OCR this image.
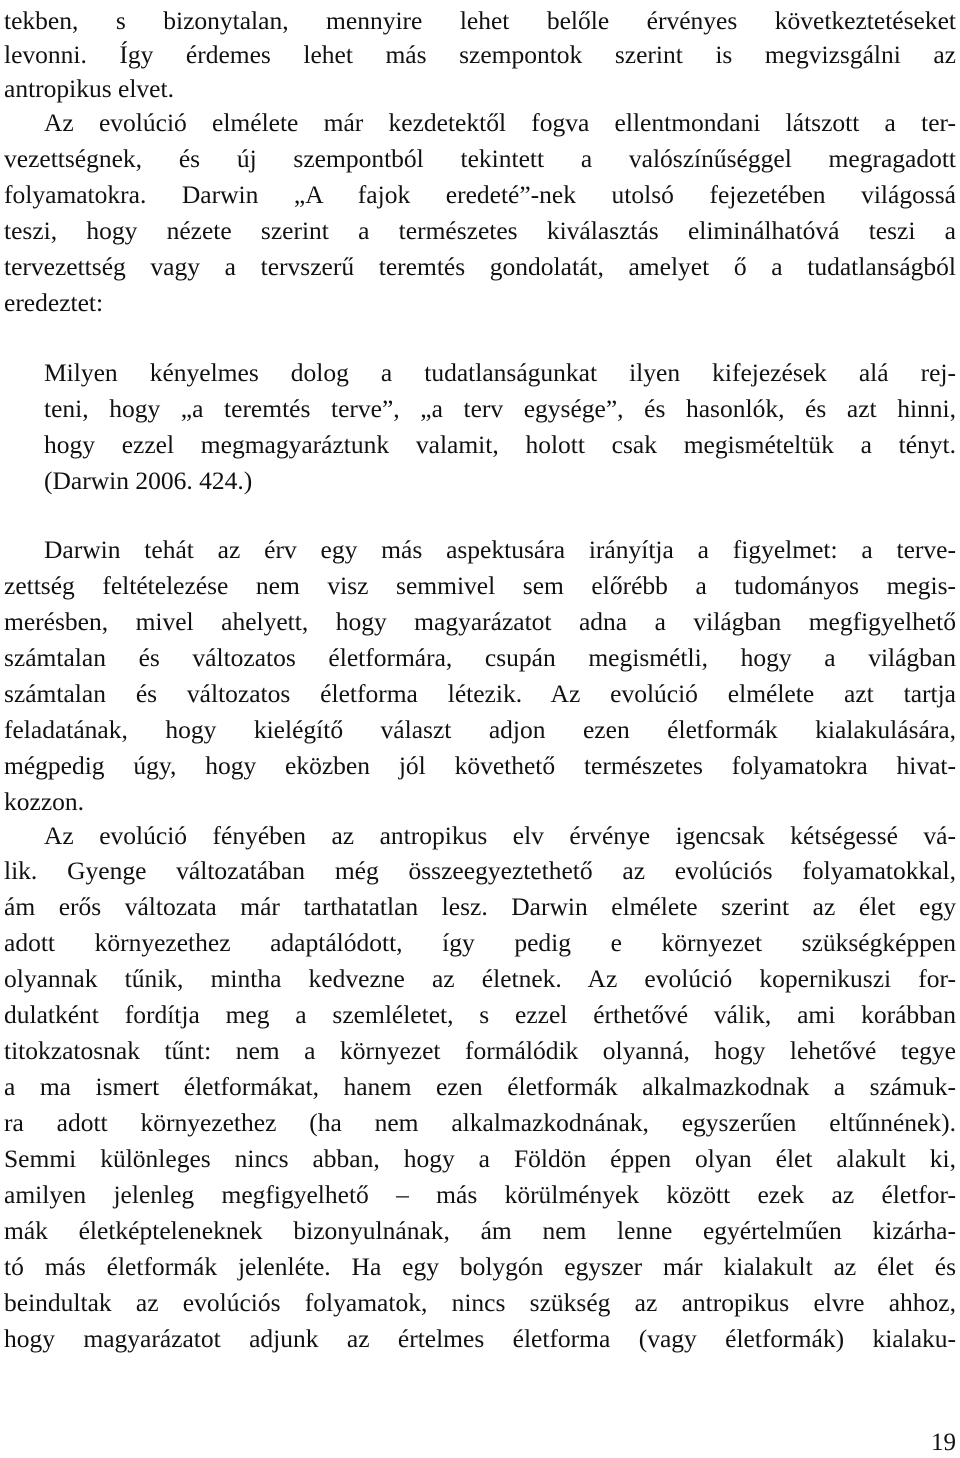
tekben, s bizonytalan, mennyire lehet belőle érvényes következtetéseket
levonni. Így érdemes lehet más szempontok szerint is megvizsgálni az
antropikus elvet.
Az evolúció elmélete már kezdetektől fogva ellentmondani látszott a ter-
vezettségnek, és új szempontból tekintett a valószínűséggel megragadott
folyamatokra. Darwin „A fajok eredeté”-nek utolsó fejezetében világossá
teszi, hogy nézete szerint a természetes kiválasztás eliminálhatóvá teszi a
tervezettség vagy a tervszerű teremtés gondolatát, amelyet ő a tudatlanságból
eredeztet:
Milyen kényelmes dolog a tudatlanságunkat ilyen kifejezések alá rej-
teni, hogy „a teremtés terve”, „a terv egysége”, és hasonlók, és azt hinni,
hogy ezzel megmagyaráztunk valamit, holott csak megismételtük a tényt.
(Darwin 2006. 424.)
Darwin tehát az érv egy más aspektusára irányítja a figyelmet: a terve-
zettség feltételezése nem visz semmivel sem előrébb a tudományos megis-
merésben, mivel ahelyett, hogy magyarázatot adna a világban megfigyelhető
számtalan és változatos életformára, csupán megismétli, hogy a világban
számtalan és változatos életforma létezik. Az evolúció elmélete azt tartja
feladatának, hogy kielégítő választ adjon ezen életformák kialakulására,
mégpedig úgy, hogy eközben jól követhető természetes folyamatokra hivat-
kozzon.
Az evolúció fényében az antropikus elv érvénye igencsak kétségessé vá-
lik. Gyenge változatában még összeegyeztethető az evolúciós folyamatokkal,
ám erős változata már tarthatatlan lesz. Darwin elmélete szerint az élet egy
adott környezethez adaptálódott, így pedig e környezet szükségképpen
olyannak tűnik, mintha kedvezne az életnek. Az evolúció kopernikuszi for-
dulatként fordítja meg a szemléletet, s ezzel érthetővé válik, ami korábban
titokzatosnak tűnt: nem a környezet formálódik olyanná, hogy lehetővé tegye
a ma ismert életformákat, hanem ezen életformák alkalmazkodnak a számuk-
ra adott környezethez (ha nem alkalmazkodnának, egyszerűen eltűnnének).
Semmi különleges nincs abban, hogy a Földön éppen olyan élet alakult ki,
amilyen jelenleg megfigyelhető – más körülmények között ezek az életfor-
mák életképteleneknek bizonyulnának, ám nem lenne egyértelműen kizárha-
tó más életformák jelenléte. Ha egy bolygón egyszer már kialakult az élet és
beindultak az evolúciós folyamatok, nincs szükség az antropikus elvre ahhoz,
hogy magyarázatot adjunk az értelmes életforma (vagy életformák) kialaku-
19
